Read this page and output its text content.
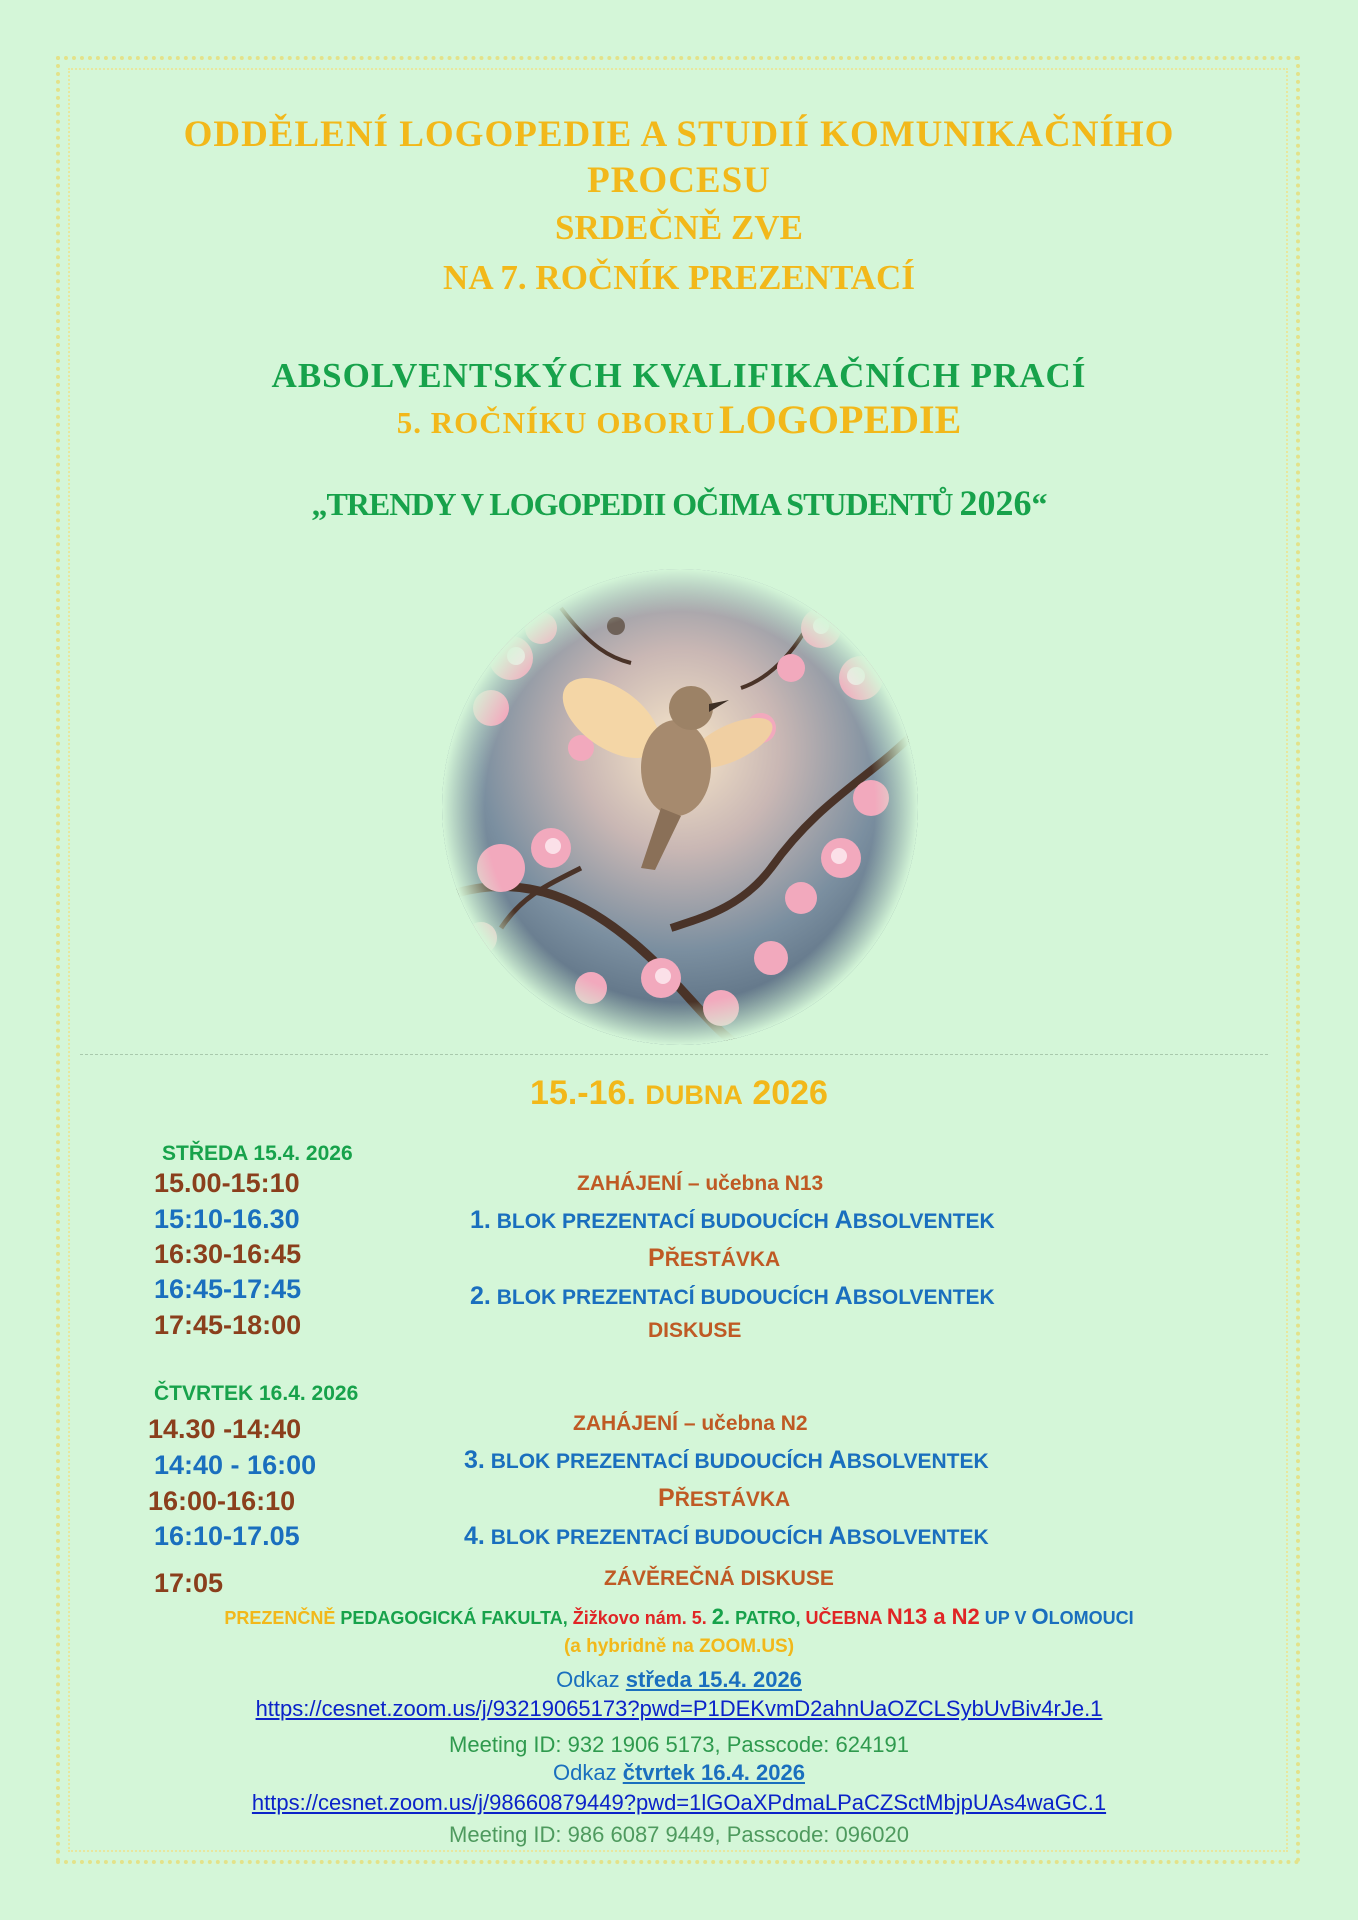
ODDĚLENÍ LOGOPEDIE A STUDIÍ KOMUNIKAČNÍHO
PROCESU
SRDEČNĚ ZVE
NA 7. ROČNÍK PREZENTACÍ
ABSOLVENTSKÝCH KVALIFIKAČNÍCH PRACÍ
5. ROČNÍKU OBORU LOGOPEDIE
„TRENDY V LOGOPEDII OČIMA STUDENTŮ 2026“
15.-16. DUBNA 2026
STŘEDA 15.4. 2026
15.00-15:10
15:10-16.30
16:30-16:45
16:45-17:45
17:45-18:00
ZAHÁJENÍ – učebna N13
1. BLOK PREZENTACÍ BUDOUCÍCH ABSOLVENTEK
PŘESTÁVKA
2. BLOK PREZENTACÍ BUDOUCÍCH ABSOLVENTEK
DISKUSE
ČTVRTEK 16.4. 2026
14.30 -14:40
14:40 - 16:00
16:00-16:10
16:10-17.05
17:05
ZAHÁJENÍ – učebna N2
3. BLOK PREZENTACÍ BUDOUCÍCH ABSOLVENTEK
PŘESTÁVKA
4. BLOK PREZENTACÍ BUDOUCÍCH ABSOLVENTEK
ZÁVĚREČNÁ DISKUSE
PREZENČNĚ PEDAGOGICKÁ FAKULTA, Žižkovo nám. 5. 2. PATRO, UČEBNA N13 a N2 UP V OLOMOUCI
(a hybridně na ZOOM.US)
Odkaz středa 15.4. 2026
https://cesnet.zoom.us/j/93219065173?pwd=P1DEKvmD2ahnUaOZCLSybUvBiv4rJe.1
Meeting ID: 932 1906 5173, Passcode: 624191
Odkaz čtvrtek 16.4. 2026
https://cesnet.zoom.us/j/98660879449?pwd=1lGOaXPdmaLPaCZSctMbjpUAs4waGC.1
Meeting ID: 986 6087 9449, Passcode: 096020
